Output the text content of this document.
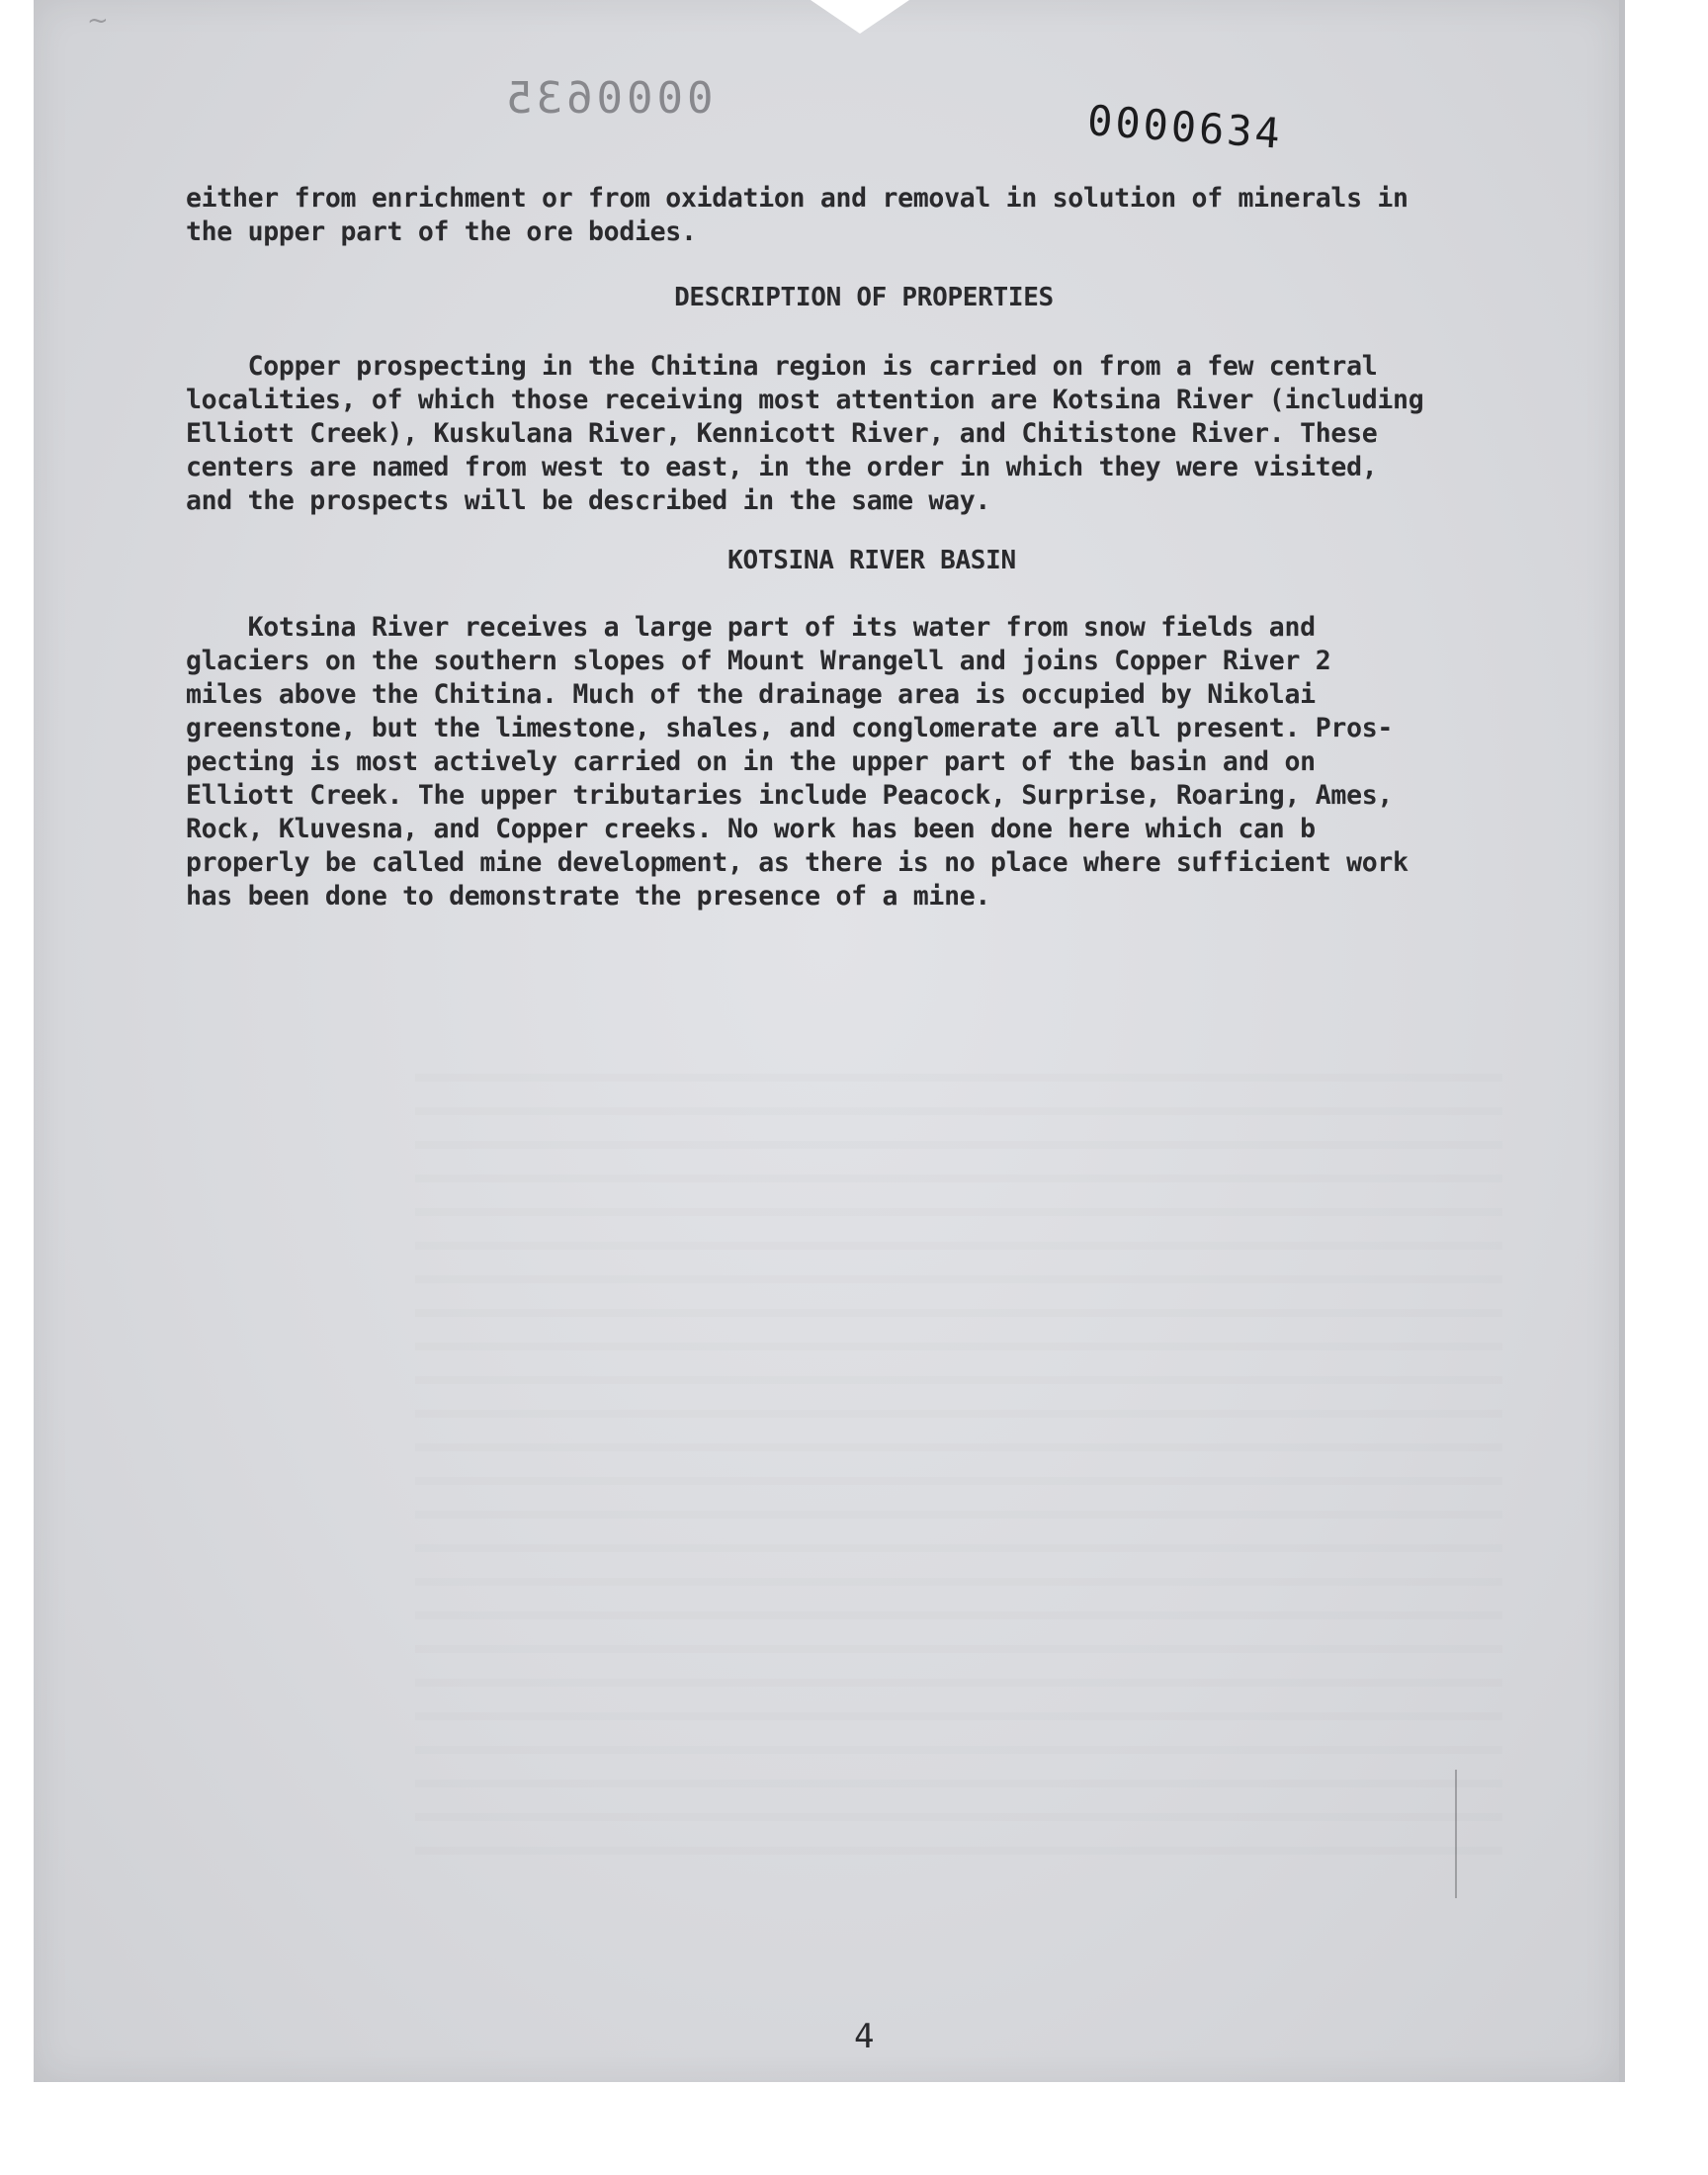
~
0000635	0000634

either from enrichment or from oxidation and removal in solution of minerals in
the upper part of the ore bodies.

DESCRIPTION OF PROPERTIES

Copper prospecting in the Chitina region is carried on from a few central
localities, of which those receiving most attention are Kotsina River (including
Elliott Creek), Kuskulana River, Kennicott River, and Chitistone River. These
centers are named from west to east, in the order in which they were visited,
and the prospects will be described in the same way.

KOTSINA RIVER BASIN

Kotsina River receives a large part of its water from snow fields and
glaciers on the southern slopes of Mount Wrangell and joins Copper River 2
miles above the Chitina. Much of the drainage area is occupied by Nikolai
greenstone, but the limestone, shales, and conglomerate are all present. Pros-
pecting is most actively carried on in the upper part of the basin and on
Elliott Creek. The upper tributaries include Peacock, Surprise, Roaring, Ames,
Rock, Kluvesna, and Copper creeks. No work has been done here which can b
properly be called mine development, as there is no place where sufficient work
has been done to demonstrate the presence of a mine.

4
